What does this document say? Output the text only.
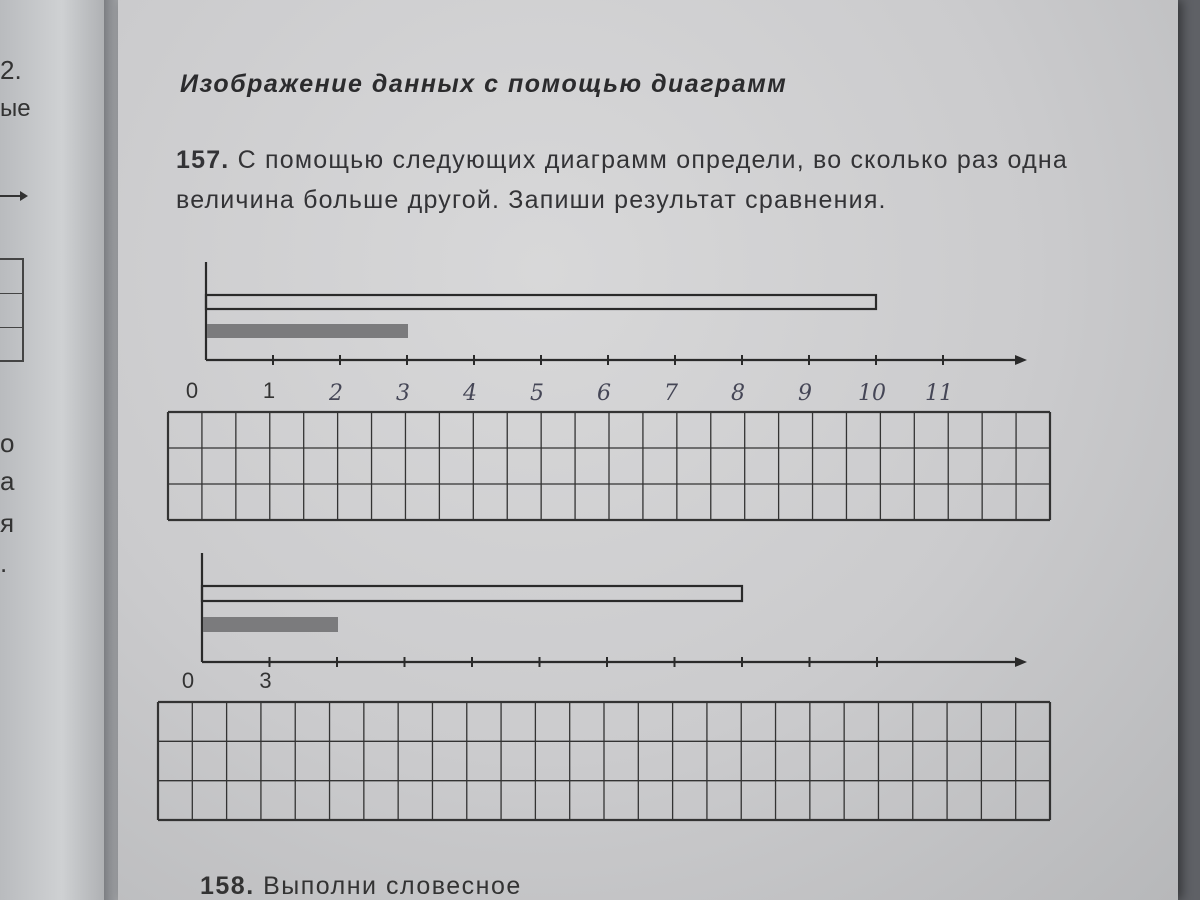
2.
ые
о
а
я
.
Изображение данных с помощью диаграмм

157. С помощью следующих диаграмм определи, во сколько раз одна величина больше другой. Запиши результат сравнения.

0	1 2 3 4 5 6 7 8 9 10 11
0	3

158. Выполни словесное
